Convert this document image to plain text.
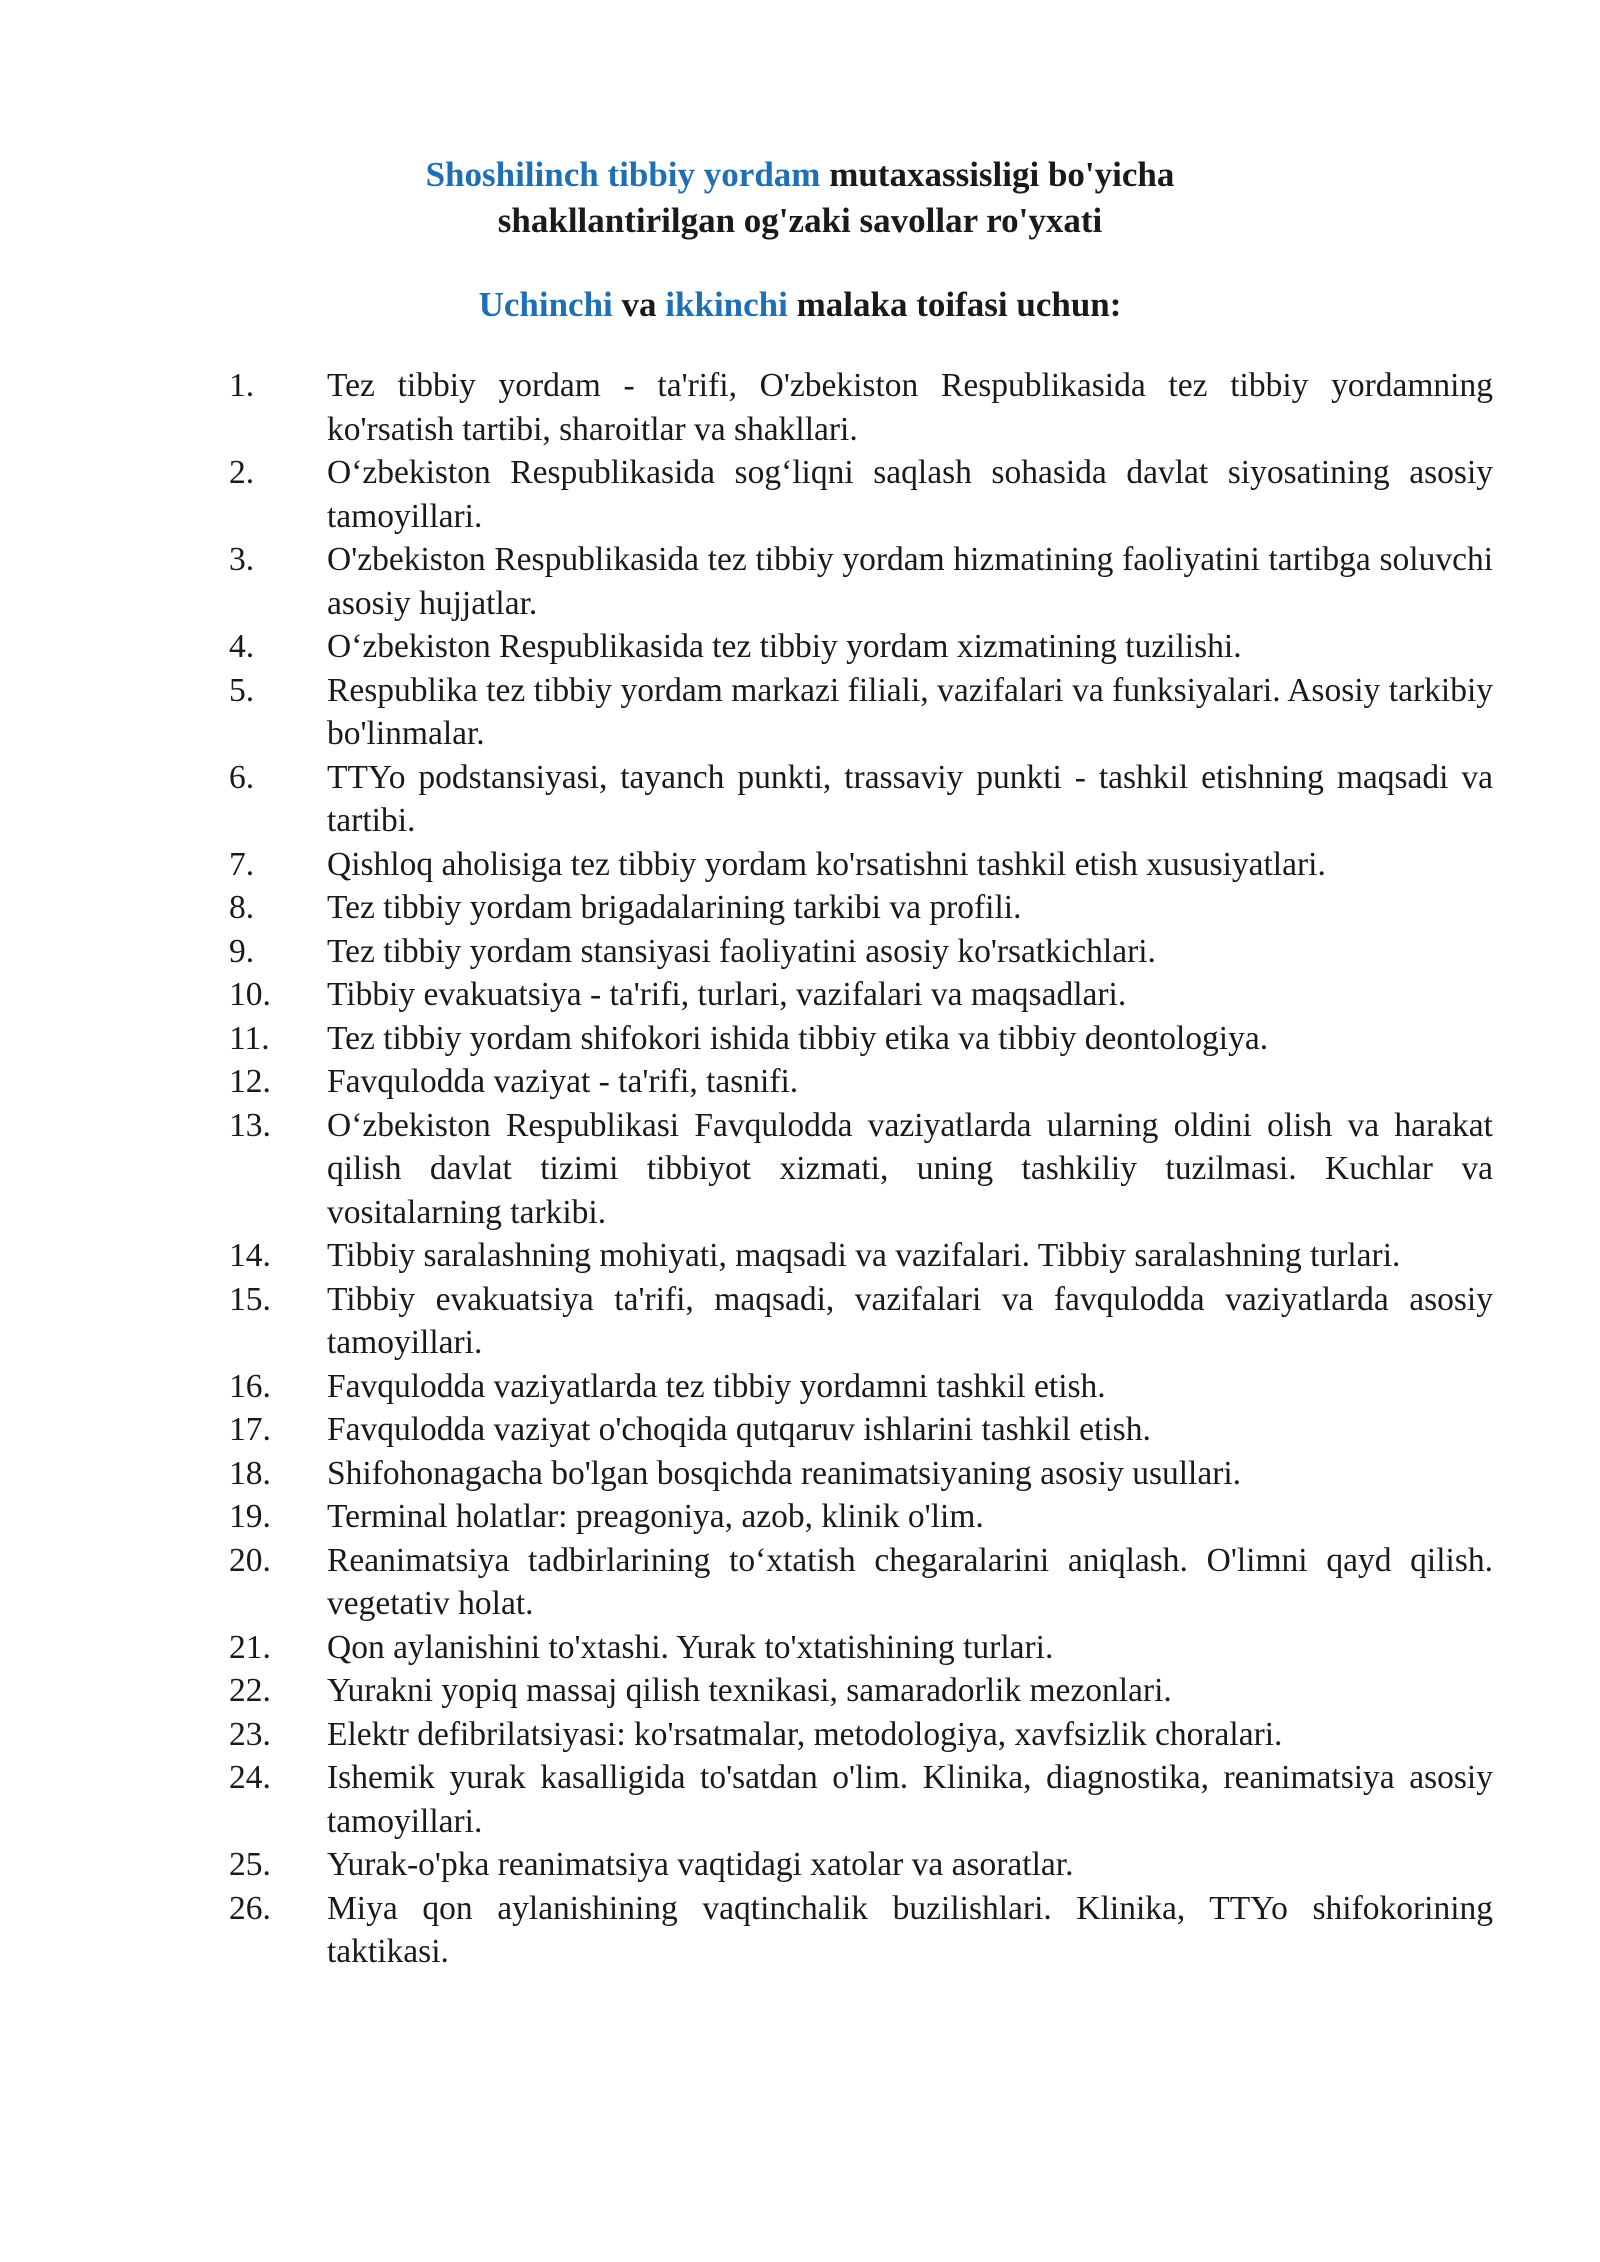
Shoshilinch tibbiy yordam mutaxassisligi bo'yicha
shakllantirilgan og'zaki savollar ro'yxati
Uchinchi va ikkinchi malaka toifasi uchun:
1. Tez tibbiy yordam - ta'rifi, O'zbekiston Respublikasida tez tibbiy yordamning ko'rsatish tartibi, sharoitlar va shakllari.
2. O‘zbekiston Respublikasida sog‘liqni saqlash sohasida davlat siyosatining asosiy tamoyillari.
3. O'zbekiston Respublikasida tez tibbiy yordam hizmatining faoliyatini tartibga soluvchi asosiy hujjatlar.
4. O‘zbekiston Respublikasida tez tibbiy yordam xizmatining tuzilishi.
5. Respublika tez tibbiy yordam markazi filiali, vazifalari va funksiyalari. Asosiy tarkibiy bo'linmalar.
6. TTYo podstansiyasi, tayanch punkti, trassaviy punkti - tashkil etishning maqsadi va tartibi.
7. Qishloq aholisiga tez tibbiy yordam ko'rsatishni tashkil etish xususiyatlari.
8. Tez tibbiy yordam brigadalarining tarkibi va profili.
9. Tez tibbiy yordam stansiyasi faoliyatini asosiy ko'rsatkichlari.
10. Tibbiy evakuatsiya - ta'rifi, turlari, vazifalari va maqsadlari.
11. Tez tibbiy yordam shifokori ishida tibbiy etika va tibbiy deontologiya.
12. Favqulodda vaziyat - ta'rifi, tasnifi.
13. O‘zbekiston Respublikasi Favqulodda vaziyatlarda ularning oldini olish va harakat qilish davlat tizimi tibbiyot xizmati, uning tashkiliy tuzilmasi. Kuchlar va vositalarning tarkibi.
14. Tibbiy saralashning mohiyati, maqsadi va vazifalari. Tibbiy saralashning turlari.
15. Tibbiy evakuatsiya ta'rifi, maqsadi, vazifalari va favqulodda vaziyatlarda asosiy tamoyillari.
16. Favqulodda vaziyatlarda tez tibbiy yordamni tashkil etish.
17. Favqulodda vaziyat o'choqida qutqaruv ishlarini tashkil etish.
18. Shifohonagacha bo'lgan bosqichda reanimatsiyaning asosiy usullari.
19. Terminal holatlar: preagoniya, azob, klinik o'lim.
20. Reanimatsiya tadbirlarining to‘xtatish chegaralarini aniqlash. O'limni qayd qilish. vegetativ holat.
21. Qon aylanishini to'xtashi. Yurak to'xtatishining turlari.
22. Yurakni yopiq massaj qilish texnikasi, samaradorlik mezonlari.
23. Elektr defibrilatsiyasi: ko'rsatmalar, metodologiya, xavfsizlik choralari.
24. Ishemik yurak kasalligida to'satdan o'lim. Klinika, diagnostika, reanimatsiya asosiy tamoyillari.
25. Yurak-o'pka reanimatsiya vaqtidagi xatolar va asoratlar.
26. Miya qon aylanishining vaqtinchalik buzilishlari. Klinika, TTYo shifokorining taktikasi.
